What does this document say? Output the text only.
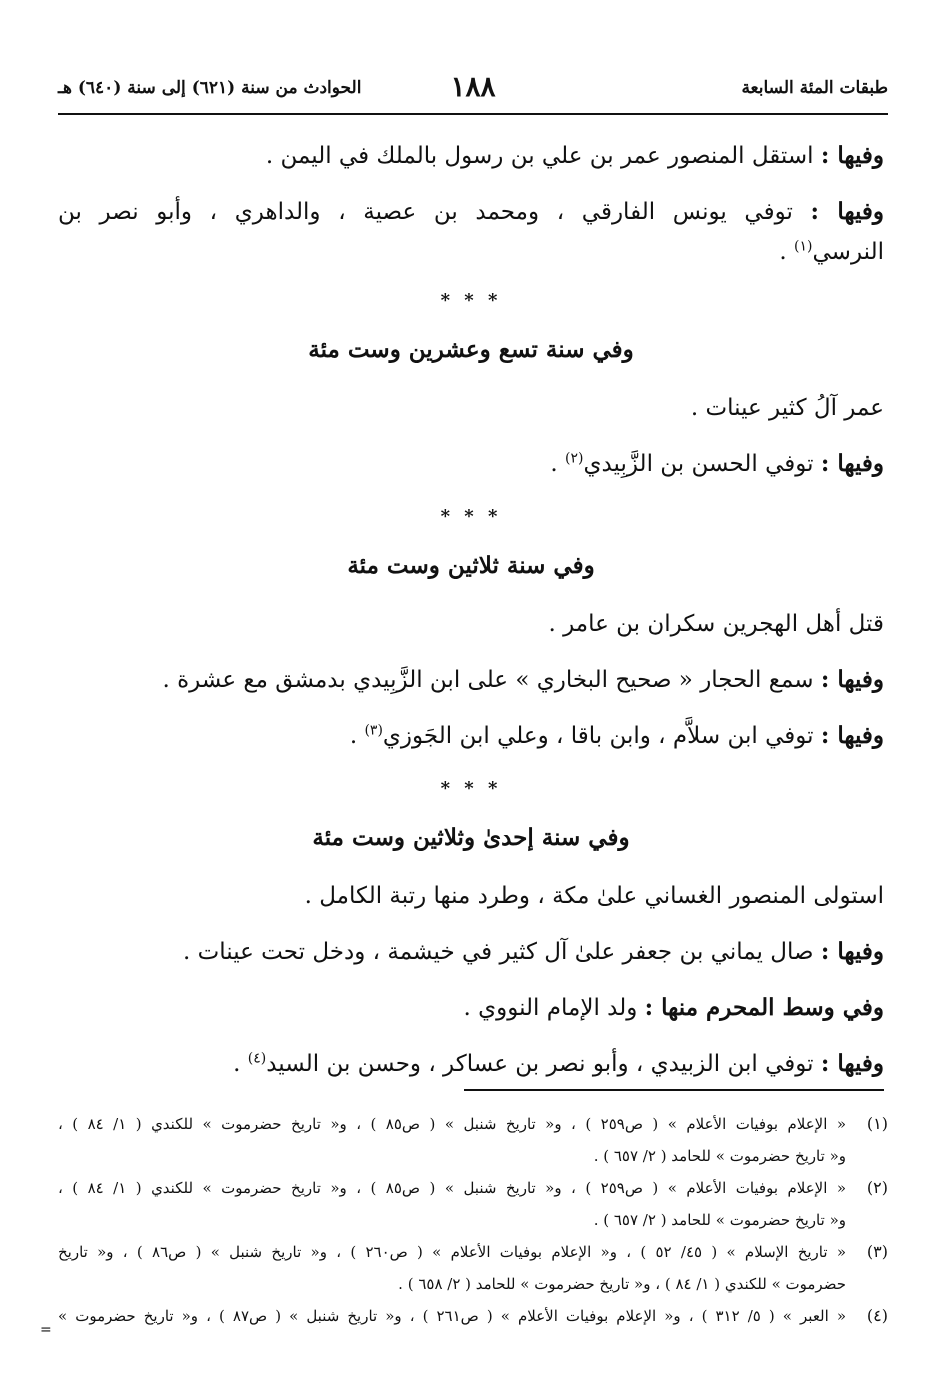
طبقات المئة السابعة
١٨٨
الحوادث من سنة (٦٢١) إلى سنة (٦٤٠) هـ

وفيها : استقل المنصور عمر بن علي بن رسول بالملك في اليمن .

وفيها : توفي يونس الفارقي ، ومحمد بن عصية ، والداهري ، وأبو نصر بن

النرسي$^{(١)}$ .

* * *
وفي سنة تسع وعشرين وست مئة

عمر آلُ كثير عينات .

وفيها : توفي الحسن بن الزَّبِيدي$^{(٢)}$ .

* * *
وفي سنة ثلاثين وست مئة

قتل أهل الهجرين سكران بن عامر .

وفيها : سمع الحجار « صحيح البخاري » على ابن الزَّبِيدي بدمشق مع عشرة .

وفيها : توفي ابن سلاَّم ، وابن باقا ، وعلي ابن الجَوزي$^{(٣)}$ .

* * *
وفي سنة إحدىٰ وثلاثين وست مئة

استولى المنصور الغساني علىٰ مكة ، وطرد منها رتبة الكامل .

وفيها : صال يماني بن جعفر علىٰ آل كثير في خيشمة ، ودخل تحت عينات .

وفي وسط المحرم منها : ولد الإمام النووي .

وفيها : توفي ابن الزبيدي ، وأبو نصر بن عساكر ، وحسن بن السيد$^{(٤)}$ .

(١)
« الإعلام بوفيات الأعلام » ( ص٢٥٩ ) ، و« تاريخ شنبل » ( ص٨٥ ) ، و« تاريخ حضرموت » للكندي ( ١/ ٨٤ ) ،
و« تاريخ حضرموت » للحامد ( ٢/ ٦٥٧ ) .
(٢)
« الإعلام بوفيات الأعلام » ( ص٢٥٩ ) ، و« تاريخ شنبل » ( ص٨٥ ) ، و« تاريخ حضرموت » للكندي ( ١/ ٨٤ ) ،
و« تاريخ حضرموت » للحامد ( ٢/ ٦٥٧ ) .
(٣)
« تاريخ الإسلام » ( ٤٥/ ٥٢ ) ، و« الإعلام بوفيات الأعلام » ( ص٢٦٠ ) ، و« تاريخ شنبل » ( ص٨٦ ) ، و« تاريخ
حضرموت » للكندي ( ١/ ٨٤ ) ، و« تاريخ حضرموت » للحامد ( ٢/ ٦٥٨ ) .
(٤)
« العبر » ( ٥/ ٣١٢ ) ، و« الإعلام بوفيات الأعلام » ( ص٢٦١ ) ، و« تاريخ شنبل » ( ص٨٧ ) ، و« تاريخ حضرموت »
=
